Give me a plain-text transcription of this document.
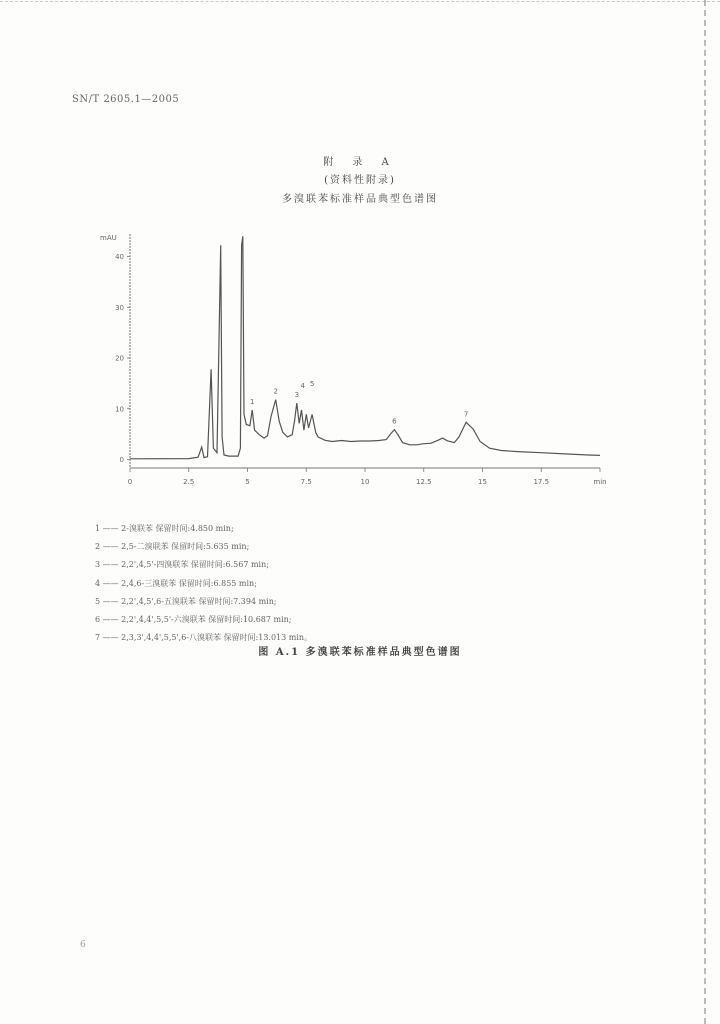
SN/T 2605.1—2005
附 录 A
(资料性附录)
多溴联苯标准样品典型色谱图
0	2.5	5	7.5	10	12.5	15	17.5	min
0
10
20
30
40
1
2 3
4 5
6
7
mAU
1 —— 2-溴联苯 保留时间:4.850 min;
2 —— 2,5-二溴联苯 保留时间:5.635 min;
3 —— 2,2',4,5'-四溴联苯 保留时间:6.567 min;
4 —— 2,4,6-三溴联苯 保留时间:6.855 min;
5 —— 2,2',4,5',6-五溴联苯 保留时间:7.394 min;
6 —— 2,2',4,4',5,5'-六溴联苯 保留时间:10.687 min;
7 —— 2,3,3',4,4',5,5',6-八溴联苯 保留时间:13.013 min。
图 A.1 多溴联苯标准样品典型色谱图
6
